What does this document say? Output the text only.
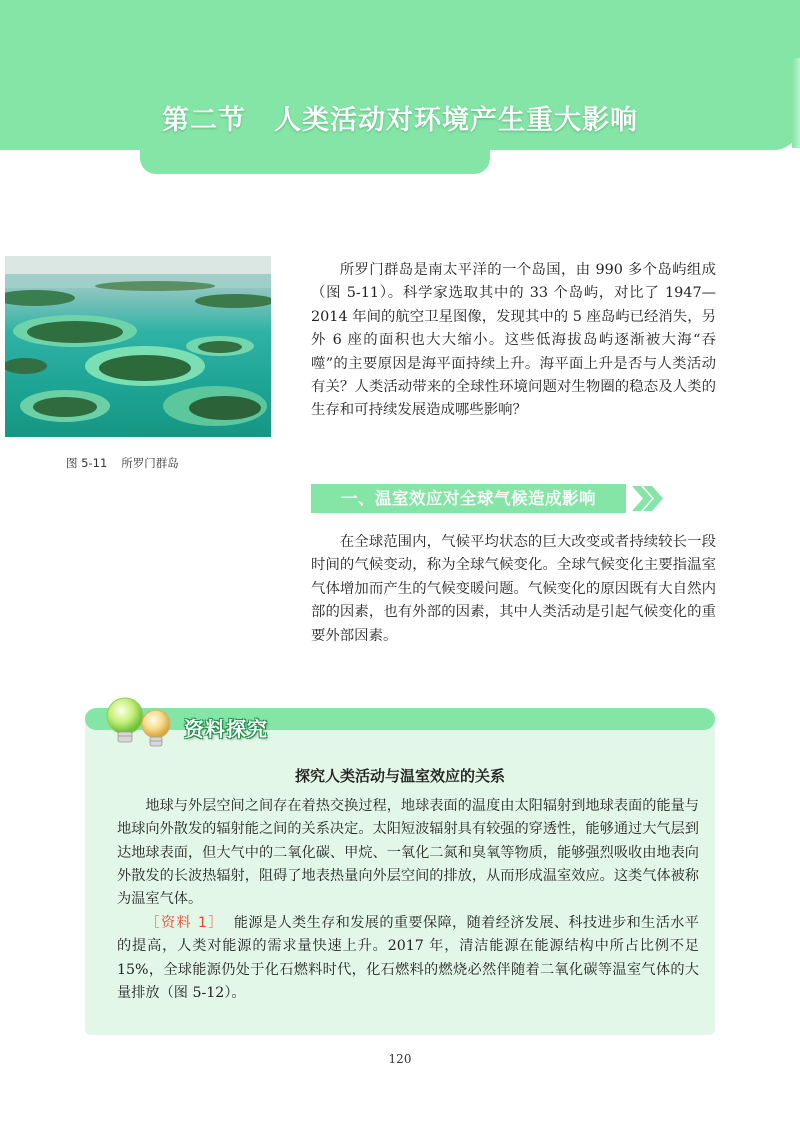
第二节　人类活动对环境产生重大影响
图 5-11 所罗门群岛

所罗门群岛是南太平洋的一个岛国，由 990 多个岛屿组成（图 5-11）。科学家选取其中的 33 个岛屿，对比了 1947—2014 年间的航空卫星图像，发现其中的 5 座岛屿已经消失，另外 6 座的面积也大大缩小。这些低海拔岛屿逐渐被大海“吞噬”的主要原因是海平面持续上升。海平面上升是否与人类活动有关？人类活动带来的全球性环境问题对生物圈的稳态及人类的生存和可持续发展造成哪些影响？

一、温室效应对全球气候造成影响

在全球范围内，气候平均状态的巨大改变或者持续较长一段时间的气候变动，称为全球气候变化。全球气候变化主要指温室气体增加而产生的气候变暖问题。气候变化的原因既有大自然内部的因素，也有外部的因素，其中人类活动是引起气候变化的重要外部因素。

资料探究
探究人类活动与温室效应的关系

地球与外层空间之间存在着热交换过程，地球表面的温度由太阳辐射到地球表面的能量与地球向外散发的辐射能之间的关系决定。太阳短波辐射具有较强的穿透性，能够通过大气层到达地球表面，但大气中的二氧化碳、甲烷、一氧化二氮和臭氧等物质，能够强烈吸收由地表向外散发的长波热辐射，阻碍了地表热量向外层空间的排放，从而形成温室效应。这类气体被称为温室气体。

［资料 1］ 能源是人类生存和发展的重要保障，随着经济发展、科技进步和生活水平的提高，人类对能源的需求量快速上升。2017 年，清洁能源在能源结构中所占比例不足 15%，全球能源仍处于化石燃料时代，化石燃料的燃烧必然伴随着二氧化碳等温室气体的大量排放（图 5-12）。

120
